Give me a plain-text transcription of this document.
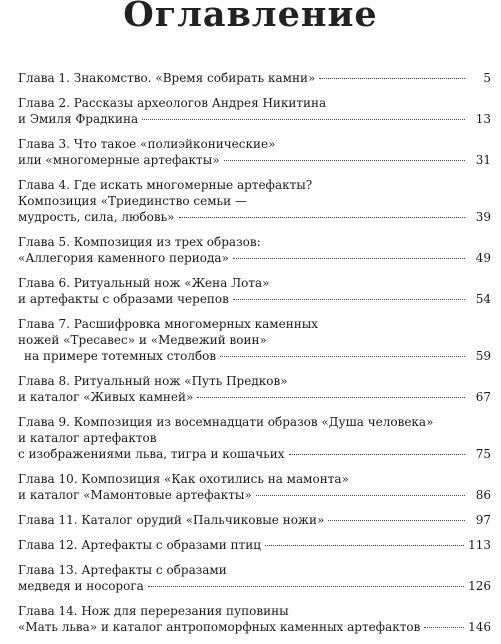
Оглавление
Глава 1. Знакомство. «Время собирать камни»	5
Глава 2. Рассказы археологов Андрея Никитина
и Эмиля Фрадкина	13
Глава 3. Что такое «полиэйконические»
или «многомерные артефакты»	31
Глава 4. Где искать многомерные артефакты?
Композиция «Триединство семьи —
мудрость, сила, любовь»	39
Глава 5. Композиция из трех образов:
«Аллегория каменного периода»	49
Глава 6. Ритуальный нож «Жена Лота»
и артефакты с образами черепов	54
Глава 7. Расшифровка многомерных каменных
ножей «Тресавес» и «Медвежий воин»
на примере тотемных столбов	59
Глава 8. Ритуальный нож «Путь Предков»
и каталог «Живых камней»	67
Глава 9. Композиция из восемнадцати образов «Душа человека»
и каталог артефактов
с изображениями льва, тигра и кошачьих	75
Глава 10. Композиция «Как охотились на мамонта»
и каталог «Мамонтовые артефакты»	86
Глава 11. Каталог орудий «Пальчиковые ножи»	97
Глава 12. Артефакты с образами птиц	113
Глава 13. Артефакты с образами
медведя и носорога	126
Глава 14. Нож для перерезания пуповины
«Мать льва» и каталог антропоморфных каменных артефактов	146
